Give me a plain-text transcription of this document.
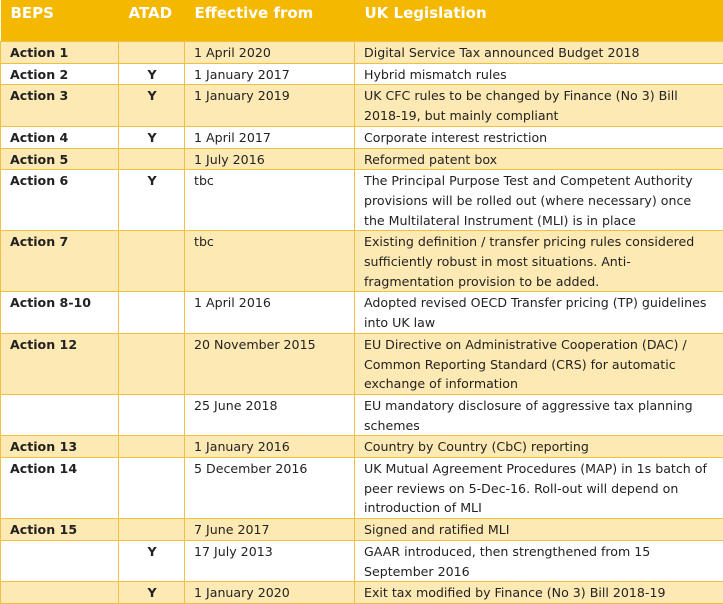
BEPS	ATAD	Effective from	UK Legislation
Action 1		1 April 2020	Digital Service Tax announced Budget 2018
Action 2	Y	1 January 2017	Hybrid mismatch rules
Action 3	Y	1 January 2019	UK CFC rules to be changed by Finance (No 3) Bill 2018-19, but mainly compliant
Action 4	Y	1 April 2017	Corporate interest restriction
Action 5		1 July 2016	Reformed patent box
Action 6	Y	tbc	The Principal Purpose Test and Competent Authority provisions will be rolled out (where necessary) once the Multilateral Instrument (MLI) is in place
Action 7		tbc	Existing definition / transfer pricing rules considered sufficiently robust in most situations. Anti-fragmentation provision to be added.
Action 8-10		1 April 2016	Adopted revised OECD Transfer pricing (TP) guidelines into UK law
Action 12		20 November 2015	EU Directive on Administrative Cooperation (DAC) / Common Reporting Standard (CRS) for automatic exchange of information
		25 June 2018	EU mandatory disclosure of aggressive tax planning schemes
Action 13		1 January 2016	Country by Country (CbC) reporting
Action 14		5 December 2016	UK Mutual Agreement Procedures (MAP) in 1s batch of peer reviews on 5-Dec-16. Roll-out will depend on introduction of MLI
Action 15		7 June 2017	Signed and ratified MLI
	Y	17 July 2013	GAAR introduced, then strengthened from 15 September 2016
	Y	1 January 2020	Exit tax modified by Finance (No 3) Bill 2018-19
